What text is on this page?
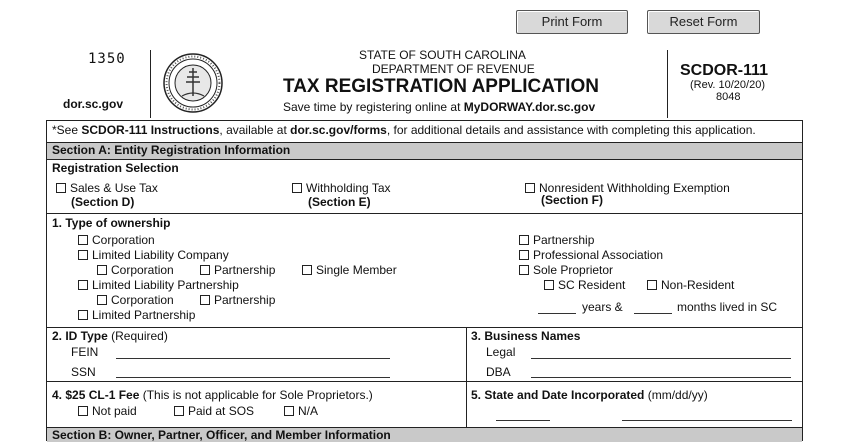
Print Form	Reset Form
1350
dor.sc.gov
STATE OF SOUTH CAROLINA
DEPARTMENT OF REVENUE
TAX REGISTRATION APPLICATION
Save time by registering online at MyDORWAY.dor.sc.gov
SCDOR-111
(Rev. 10/20/20)
8048
*See SCDOR-111 Instructions, available at dor.sc.gov/forms, for additional details and assistance with completing this application.
Section A: Entity Registration Information
Registration Selection
Sales & Use Tax
(Section D)
Withholding Tax
(Section E)
Nonresident Withholding Exemption
(Section F)
1. Type of ownership
Corporation
Limited Liability Company
Corporation	Partnership	Single Member
Limited Liability Partnership
Corporation	Partnership
Limited Partnership
Partnership
Professional Association
Sole Proprietor
SC Resident	Non-Resident
years &	months lived in SC
2. ID Type (Required)
FEIN
SSN
3. Business Names
Legal
DBA
4. $25 CL-1 Fee (This is not applicable for Sole Proprietors.)
Not paid	Paid at SOS	N/A
5. State and Date Incorporated (mm/dd/yy)
Section B: Owner, Partner, Officer, and Member Information
